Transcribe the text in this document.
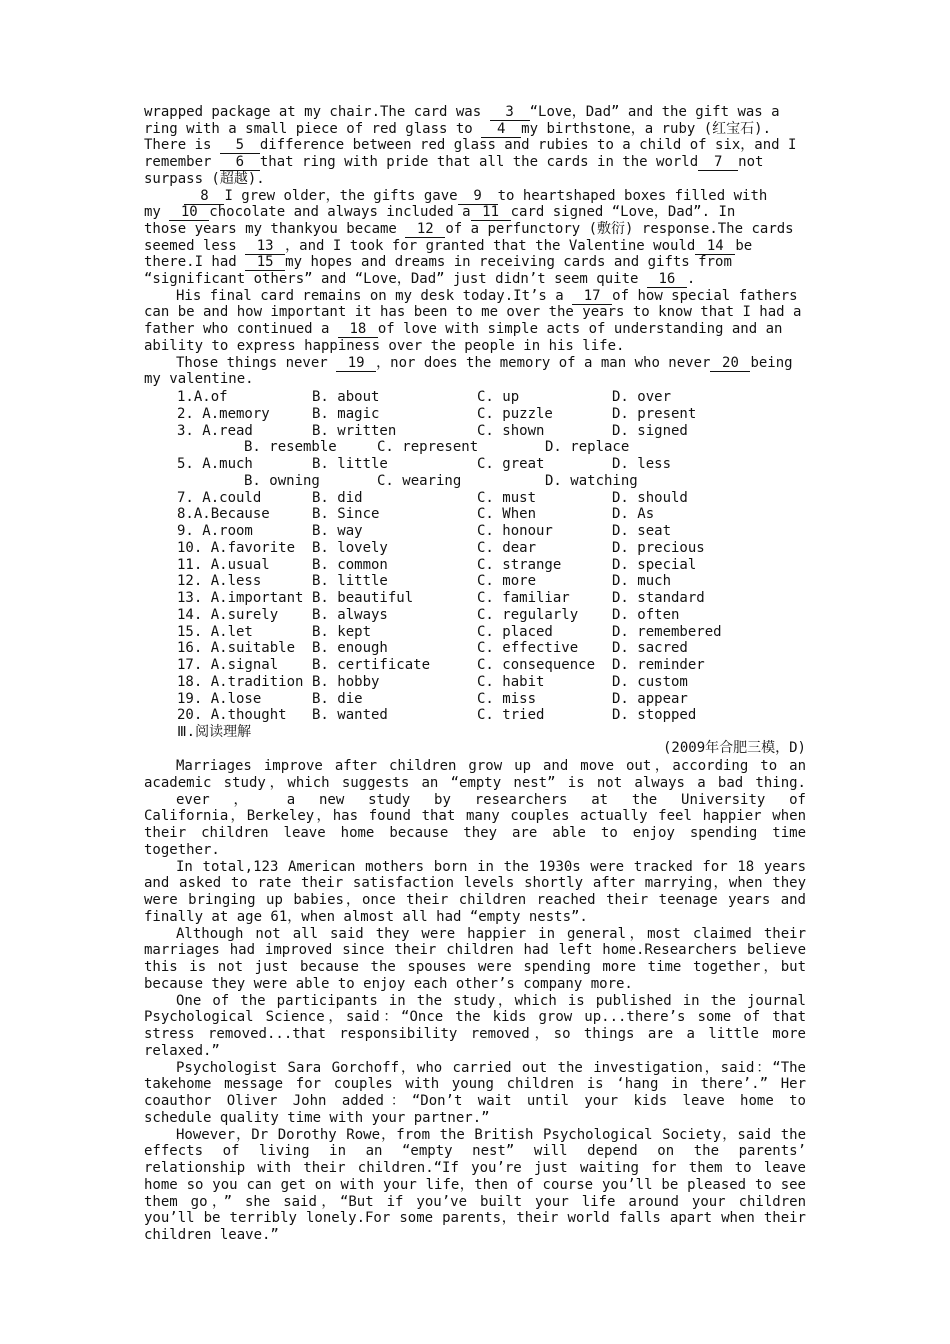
wrapped package at my chair.The card was 3 “Love，Dad” and the gift was a
ring with a small piece of red glass to 4 my birthstone，a ruby (红宝石).
There is 5 difference between red glass and rubies to a child of six，and I
remember 6 that ring with pride that all the cards in the world 7 not
surpass (超越).
8 I grew older，the gifts gave 9 to heartshaped boxes filled with
my 10 chocolate and always included a 11 card signed “Love，Dad”. In
those years my thankyou became 12 of a perfunctory (敷衍) response.The cards
seemed less 13 ，and I took for granted that the Valentine would 14 be
there.I had 15 my hopes and dreams in receiving cards and gifts from
“significant others” and “Love，Dad” just didn’t seem quite 16 .
His final card remains on my desk today.It’s a 17 of how special fathers
can be and how important it has been to me over the years to know that I had a
father who continued a 18 of love with simple acts of understanding and an
ability to express happiness over the people in his life.
Those things never 19 ，nor does the memory of a man who never 20 being
my valentine.
1.A.of	B. about	C. up	D. over
2. A.memory	B. magic	C. puzzle	D. present
3. A.read	B. written	C. shown	D. signed
B. resemble	C. represent	D. replace
5. A.much	B. little	C. great	D. less
B. owning	C. wearing	D. watching
7. A.could	B. did	C. must	D. should
8.A.Because	B. Since	C. When	D. As
9. A.room	B. way	C. honour	D. seat
10. A.favorite B. lovely	C. dear	D. precious
11. A.usual	B. common	C. strange	D. special
12. A.less	B. little	C. more	D. much
13. A.important B. beautiful	C. familiar	D. standard
14. A.surely B. always	C. regularly D. often
15. A.let	B. kept	C. placed	D. remembered
16. A.suitable B. enough	C. effective D. sacred
17. A.signal B. certificate	C. consequence D. reminder
18. A.tradition B. hobby	C. habit	D. custom
19. A.lose	B. die	C. miss	D. appear
20. A.thought B. wanted	C. tried	D. stopped
Ⅲ.阅读理解
(2009年合肥三模，D)
Marriages improve after children grow up and move out，according to an
academic study，which suggests an “empty nest” is not always a bad thing.
ever ， a new study by researchers at the University of
California，Berkeley，has found that many couples actually feel happier when
their children leave home because they are able to enjoy spending time
together.
In total,123 American mothers born in the 1930s were tracked for 18 years
and asked to rate their satisfaction levels shortly after marrying，when they
were bringing up babies，once their children reached their teenage years and
finally at age 61，when almost all had “empty nests”.
Although not all said they were happier in general，most claimed their
marriages had improved since their children had left home.Researchers believe
this is not just because the spouses were spending more time together，but
because they were able to enjoy each other’s company more.
One of the participants in the study，which is published in the journal
Psychological Science，said：“Once the kids grow up...there’s some of that
stress removed...that responsibility removed，so things are a little more
relaxed.”
Psychologist Sara Gorchoff，who carried out the investigation，said：“The
takehome message for couples with young children is ‘hang in there’.” Her
coauthor Oliver John added：“Don’t wait until your kids leave home to
schedule quality time with your partner.”
However，Dr Dorothy Rowe，from the British Psychological Society，said the
effects of living in an “empty nest” will depend on the parents’
relationship with their children.“If you’re just waiting for them to leave
home so you can get on with your life，then of course you’ll be pleased to see
them go，” she said，“But if you’ve built your life around your children
you’ll be terribly lonely.For some parents，their world falls apart when their
children leave.”
